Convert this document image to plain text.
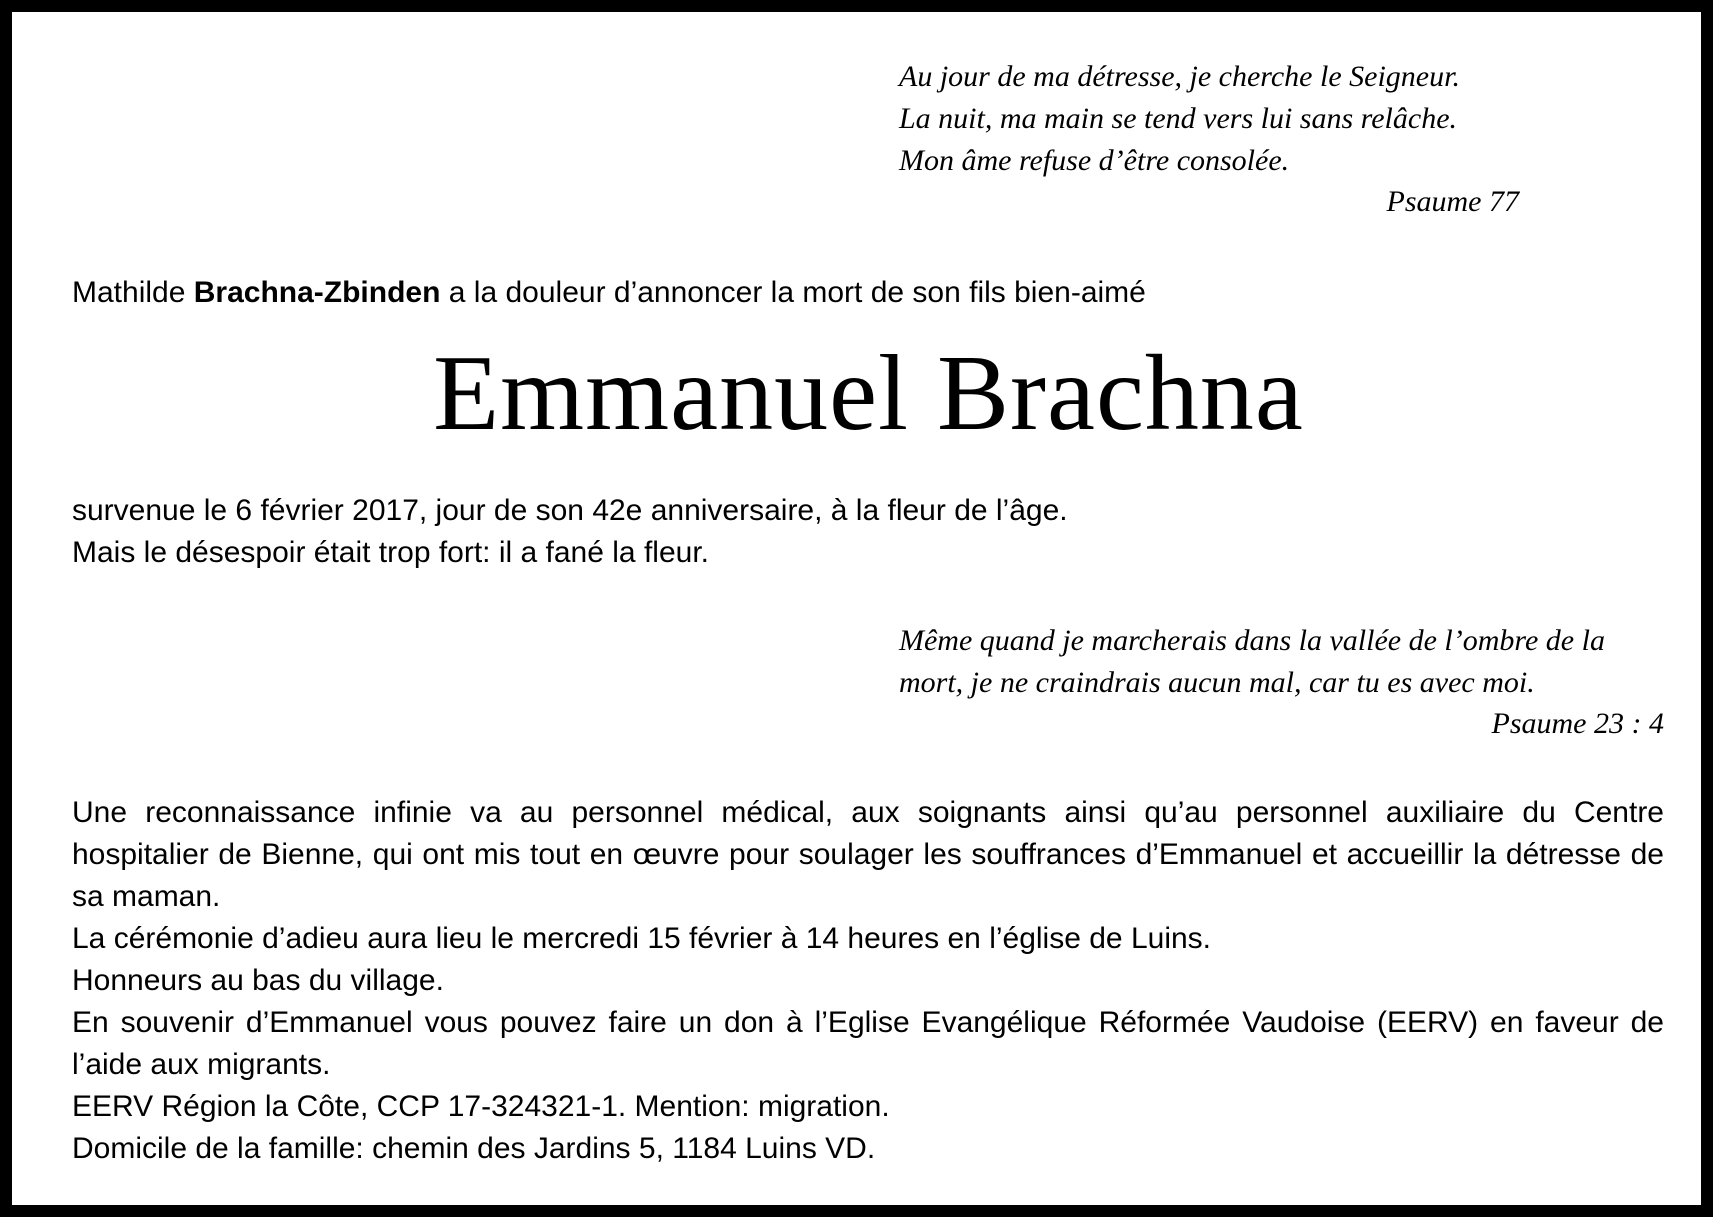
Au jour de ma détresse, je cherche le Seigneur.
La nuit, ma main se tend vers lui sans relâche.
Mon âme refuse d’être consolée.
Psaume 77
Mathilde Brachna-Zbinden a la douleur d’annoncer la mort de son fils bien-aimé
Emmanuel Brachna
survenue le 6 février 2017, jour de son 42e anniversaire, à la fleur de l’âge.
Mais le désespoir était trop fort: il a fané la fleur.
Même quand je marcherais dans la vallée de l’ombre de la
mort, je ne craindrais aucun mal, car tu es avec moi.
Psaume 23 : 4

Une reconnaissance infinie va au personnel médical, aux soignants ainsi qu’au personnel auxiliaire du Centre hospitalier de Bienne, qui ont mis tout en œuvre pour soulager les souffrances d’Emmanuel et accueillir la détresse de sa maman.

La cérémonie d’adieu aura lieu le mercredi 15 février à 14 heures en l’église de Luins.

Honneurs au bas du village.

En souvenir d’Emmanuel vous pouvez faire un don à l’Eglise Evangélique Réformée Vaudoise (EERV) en faveur de l’aide aux migrants.

EERV Région la Côte, CCP 17-324321-1. Mention: migration.

Domicile de la famille: chemin des Jardins 5, 1184 Luins VD.
